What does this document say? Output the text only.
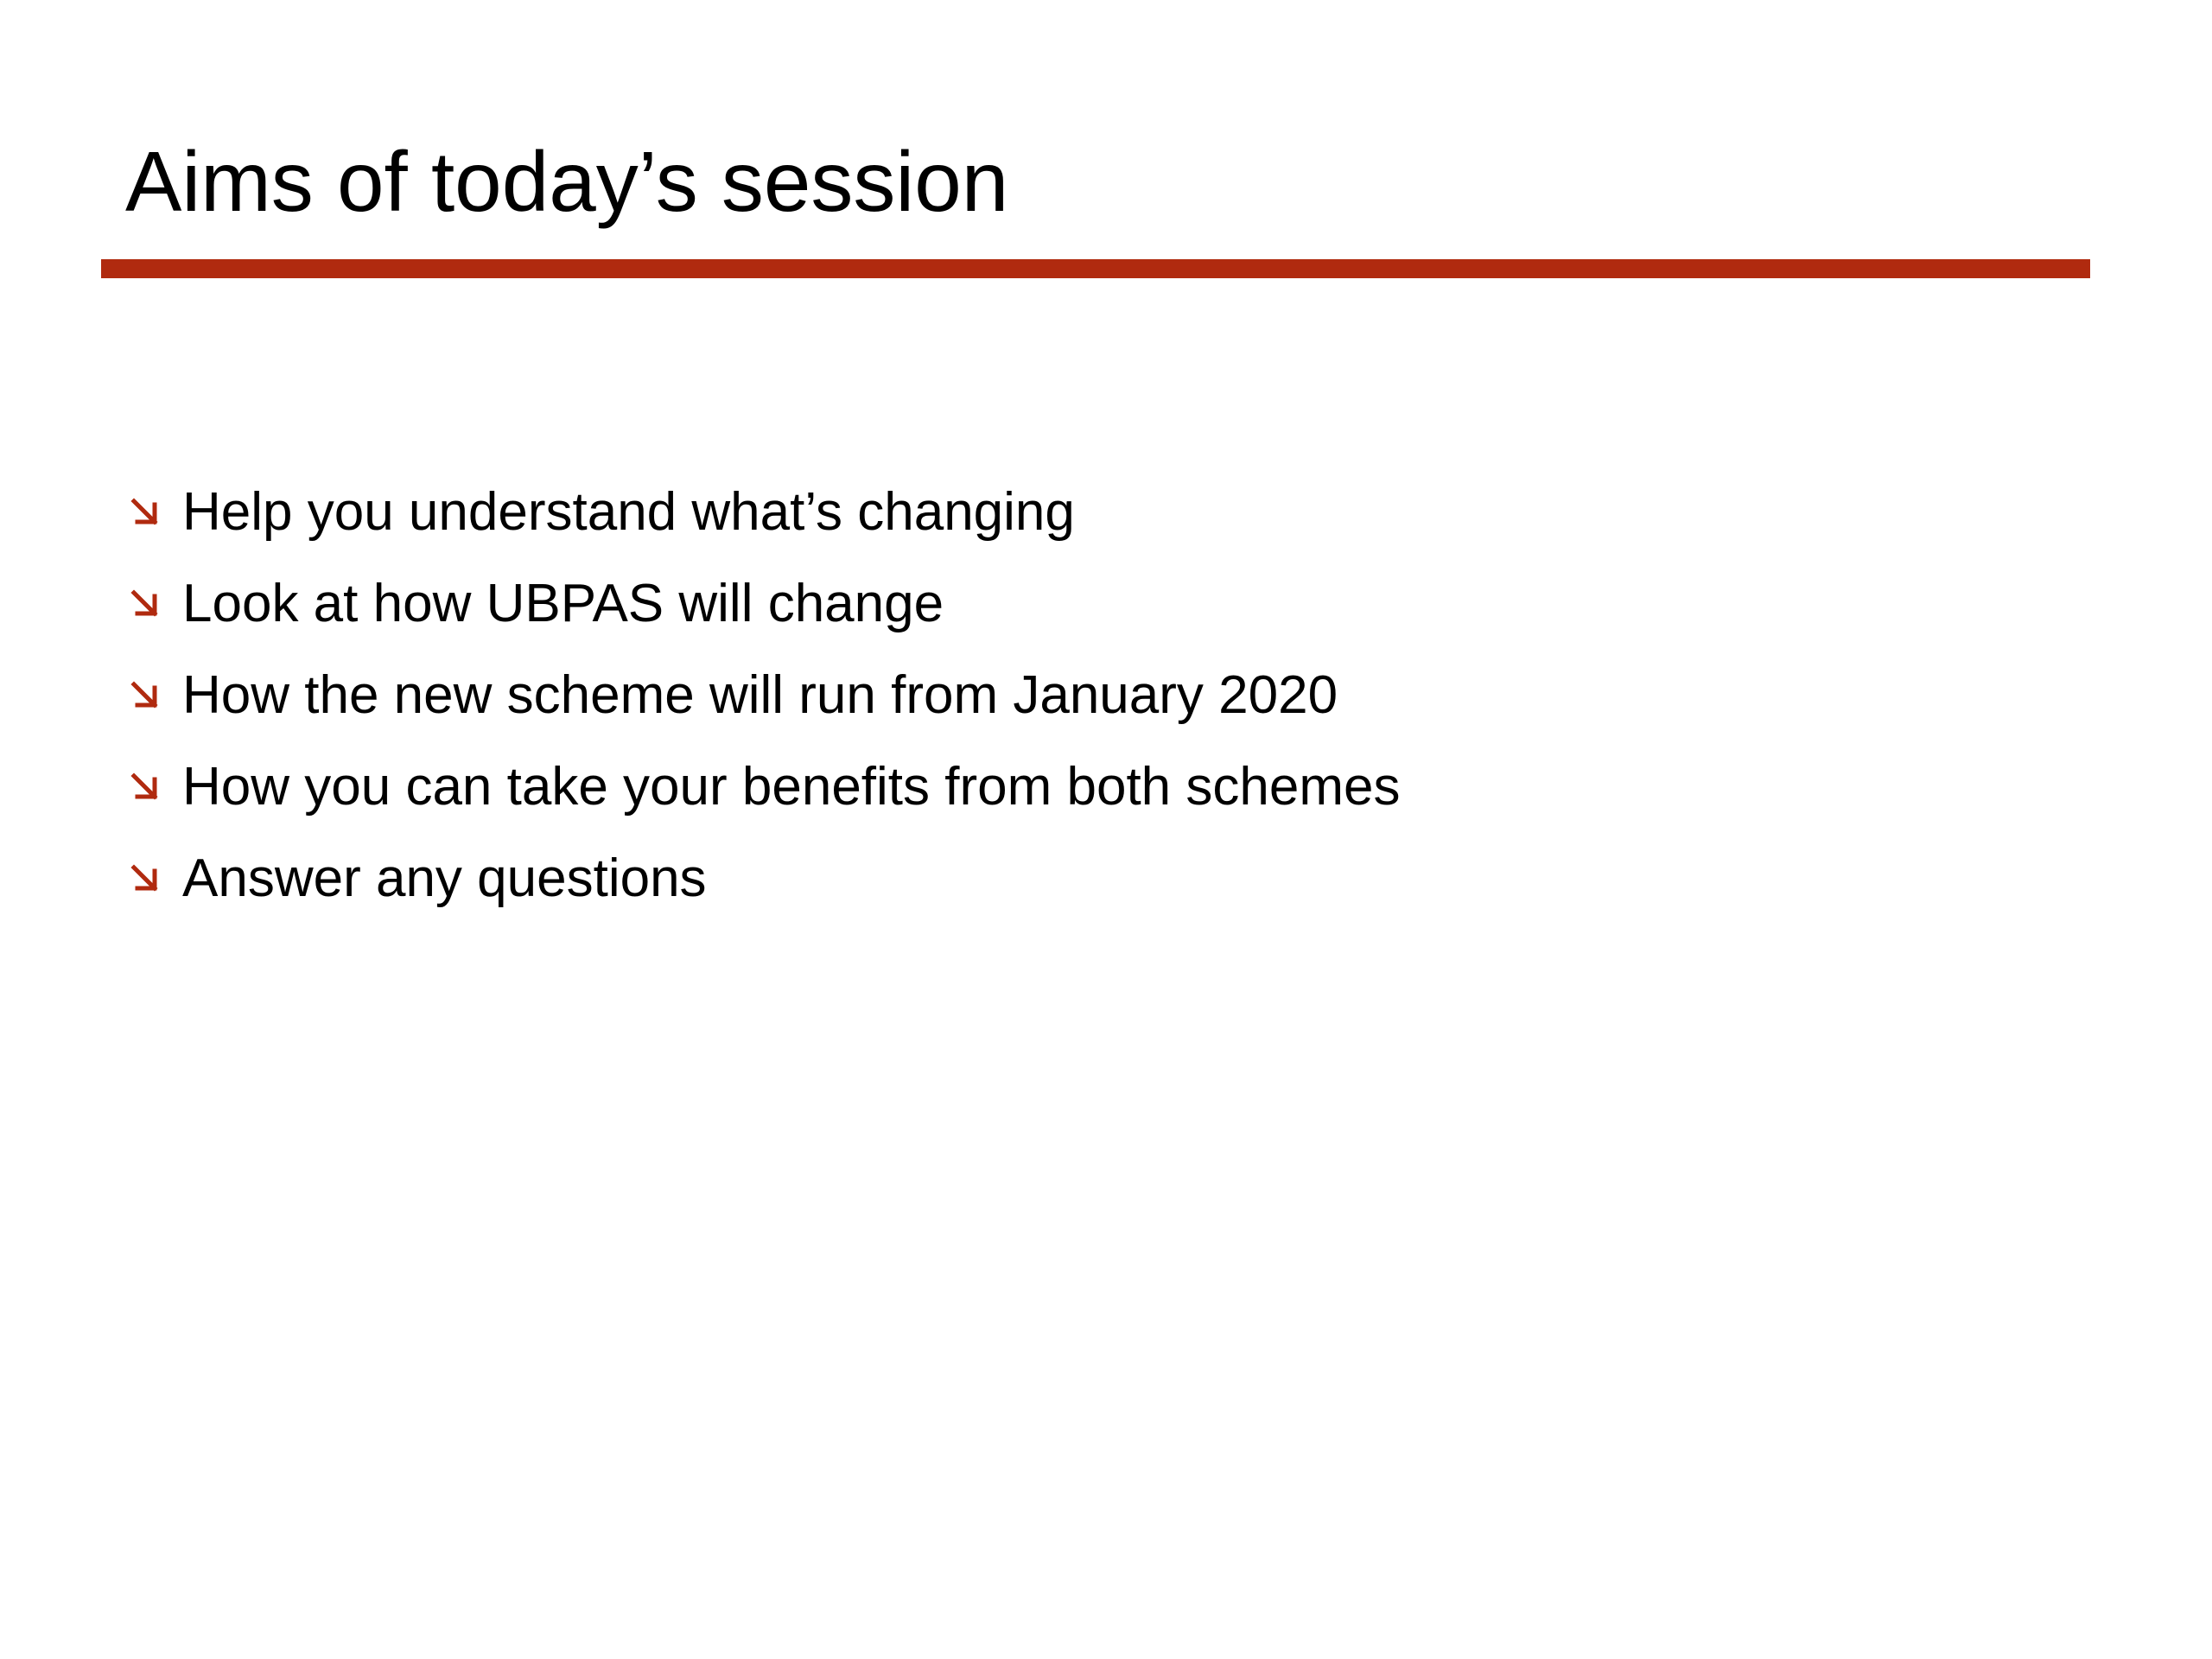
Aims of today’s session
Help you understand what’s changing
Look at how UBPAS will change
How the new scheme will run from January 2020
How you can take your benefits from both schemes
Answer any questions
